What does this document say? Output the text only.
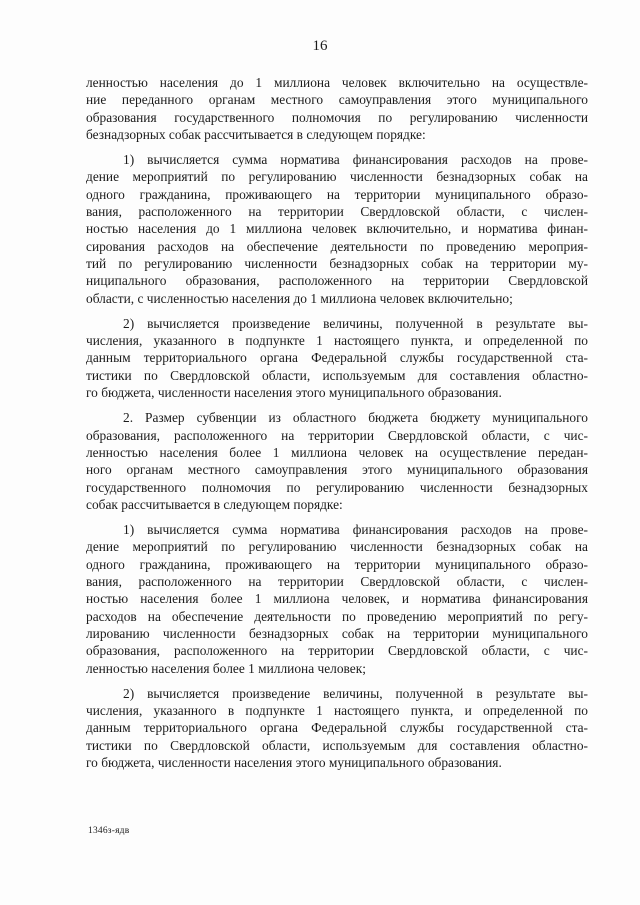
16

ленностью населения до 1 миллиона человек включительно на осуществле-
ние переданного органам местного самоуправления этого муниципального
образования государственного полномочия по регулированию численности
безнадзорных собак рассчитывается в следующем порядке:

1) вычисляется сумма норматива финансирования расходов на прове-
дение мероприятий по регулированию численности безнадзорных собак на
одного гражданина, проживающего на территории муниципального образо-
вания, расположенного на территории Свердловской области, с числен-
ностью населения до 1 миллиона человек включительно, и норматива финан-
сирования расходов на обеспечение деятельности по проведению мероприя-
тий по регулированию численности безнадзорных собак на территории му-
ниципального образования, расположенного на территории Свердловской
области, с численностью населения до 1 миллиона человек включительно;

2) вычисляется произведение величины, полученной в результате вы-
числения, указанного в подпункте 1 настоящего пункта, и определенной по
данным территориального органа Федеральной службы государственной ста-
тистики по Свердловской области, используемым для составления областно-
го бюджета, численности населения этого муниципального образования.

2. Размер субвенции из областного бюджета бюджету муниципального
образования, расположенного на территории Свердловской области, с чис-
ленностью населения более 1 миллиона человек на осуществление передан-
ного органам местного самоуправления этого муниципального образования
государственного полномочия по регулированию численности безнадзорных
собак рассчитывается в следующем порядке:

1) вычисляется сумма норматива финансирования расходов на прове-
дение мероприятий по регулированию численности безнадзорных собак на
одного гражданина, проживающего на территории муниципального образо-
вания, расположенного на территории Свердловской области, с числен-
ностью населения более 1 миллиона человек, и норматива финансирования
расходов на обеспечение деятельности по проведению мероприятий по регу-
лированию численности безнадзорных собак на территории муниципального
образования, расположенного на территории Свердловской области, с чис-
ленностью населения более 1 миллиона человек;

2) вычисляется произведение величины, полученной в результате вы-
числения, указанного в подпункте 1 настоящего пункта, и определенной по
данным территориального органа Федеральной службы государственной ста-
тистики по Свердловской области, используемым для составления областно-
го бюджета, численности населения этого муниципального образования.

1346з-ядв
